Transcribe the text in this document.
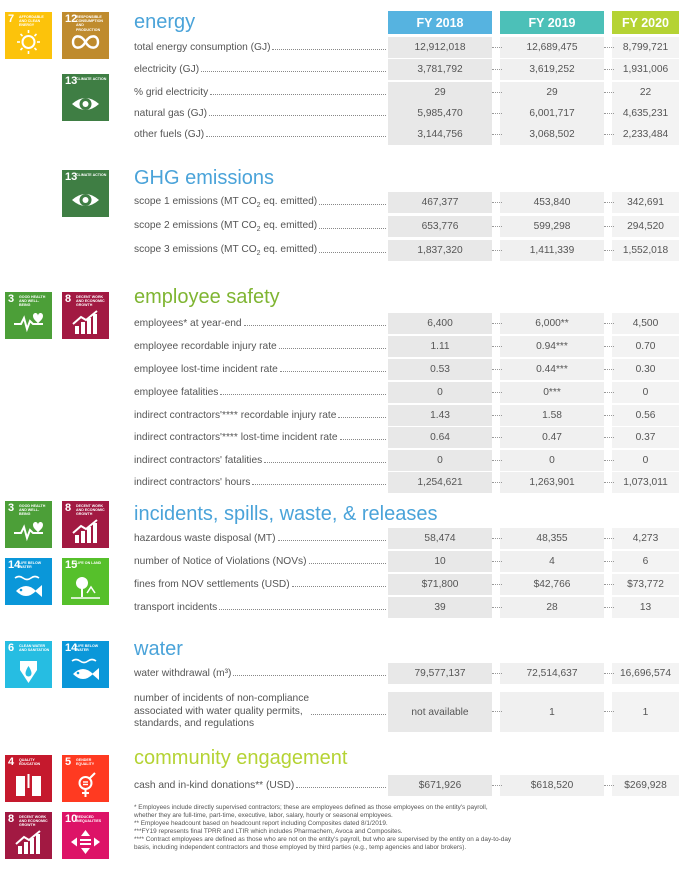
7 AFFORDABLE AND CLEAN ENERGY
12
RESPONSIBLE CONSUMPTION AND PRODUCTION
13
CLIMATE ACTION
13
CLIMATE ACTION
3 GOOD HEALTH AND WELL-BEING
8 DECENT WORK AND ECONOMIC GROWTH
3 GOOD HEALTH AND WELL-BEING
8 DECENT WORK AND ECONOMIC GROWTH
14
LIFE BELOW WATER	15
LIFE ON LAND
6 CLEAN WATER AND SANITATION 14
LIFE BELOW WATER
4 QUALITY EDUCATION	5 GENDER EQUALITY
8 DECENT WORK AND ECONOMIC GROWTH
10
REDUCED INEQUALITIES
FY 2018	FY 2019	FY 2020
energy
GHG emissions
employee safety
incidents, spills, waste, & releases
water
community engagement
total energy consumption (GJ)	12,912,018	12,689,475	8,799,721
electricity (GJ)	3,781,792	3,619,252	1,931,006
% grid electricity	29	29	22
natural gas (GJ)	5,985,470	6,001,717	4,635,231
other fuels (GJ)	3,144,756	3,068,502	2,233,484
scope 1 emissions (MT $CO_2$ eq. emitted)	467,377	453,840	342,691
scope 2 emissions (MT $CO_2$ eq. emitted)	653,776	599,298	294,520
scope 3 emissions (MT $CO_2$ eq. emitted)	1,837,320	1,411,339	1,552,018
employees* at year-end	6,400	6,000**	4,500
employee recordable injury rate	1.11	0.94***	0.70
employee lost-time incident rate	0.53	0.44***	0.30
employee fatalities	0	0***	0
indirect contractors'**** recordable injury rate	1.43	1.58	0.56
indirect contractors'**** lost-time incident rate	0.64	0.47	0.37
indirect contractors' fatalities	0	0	0
indirect contractors' hours	1,254,621	1,263,901	1,073,011
hazardous waste disposal (MT)	58,474	48,355	4,273
number of Notice of Violations (NOVs)	10	4	6
fines from NOV settlements (USD)	$71,800	$42,766	$73,772
transport incidents	39	28	13
water withdrawal (m³)	79,577,137	72,514,637	16,696,574
number of incidents of non-compliance
associated with water quality permits,
standards, and regulations
not available	1	1
cash and in-kind donations** (USD)	$671,926	$618,520	$269,928
* Employees include directly supervised contractors; these are employees defined as those employees on the entity's payroll,
whether they are full-time, part-time, executive, labor, salary, hourly or seasonal employees.
** Employee headcount based on headcount report including Composites dated 8/1/2019.
***FY19 represents final TPRR and LTIR which includes Pharmachem, Avoca and Composites.
**** Contract employees are defined as those who are not on the entity's payroll, but who are supervised by the entity on a day-to-day
basis, including independent contractors and those employed by third parties (e.g., temp agencies and labor brokers).
